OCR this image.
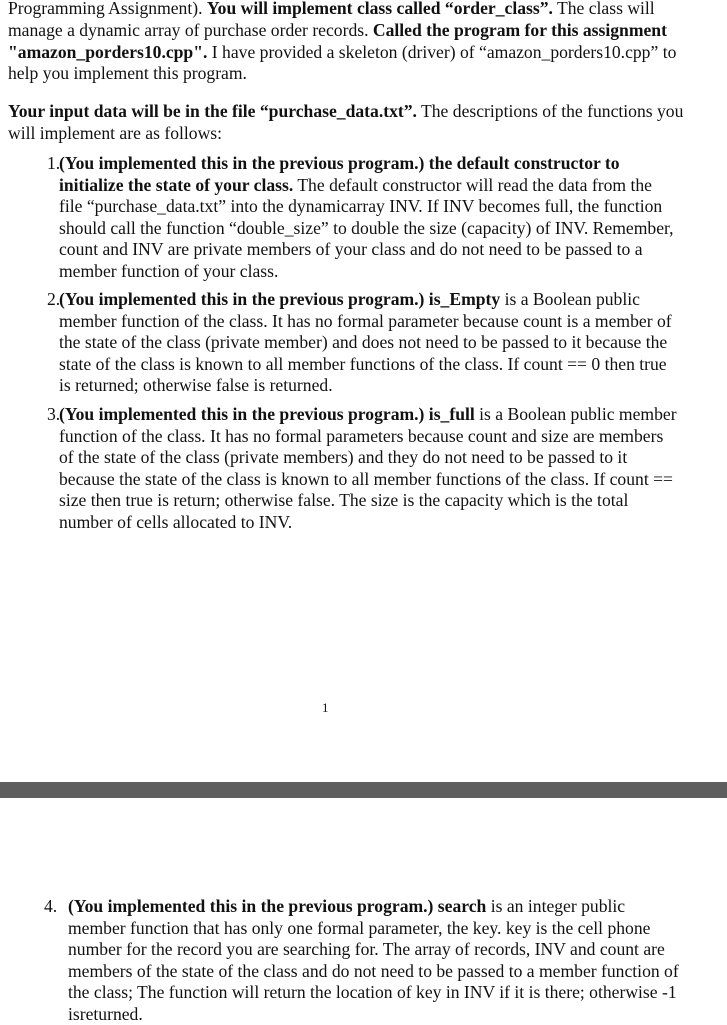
Programming Assignment). You will implement class called “order_class”. The class will manage a dynamic array of purchase order records. Called the program for this assignment "amazon_porders10.cpp". I have provided a skeleton (driver) of “amazon_porders10.cpp” to help you implement this program.

Your input data will be in the file “purchase_data.txt”. The descriptions of the functions you will implement are as follows:

1.
(You implemented this in the previous program.) the default constructor to initialize the state of your class. The default constructor will read the data from the file “purchase_data.txt” into the dynamicarray INV. If INV becomes full, the function should call the function “double_size” to double the size (capacity) of INV. Remember, count and INV are private members of your class and do not need to be passed to a member function of your class.
2.
(You implemented this in the previous program.) is_Empty is a Boolean public member function of the class. It has no formal parameter because count is a member of the state of the class (private member) and does not need to be passed to it because the state of the class is known to all member functions of the class. If count == 0 then true is returned; otherwise false is returned.
3.
(You implemented this in the previous program.) is_full is a Boolean public member function of the class. It has no formal parameters because count and size are members of the state of the class (private members) and they do not need to be passed to it because the state of the class is known to all member functions of the class. If count == size then true is return; otherwise false. The size is the capacity which is the total number of cells allocated to INV.
1
4. (You implemented this in the previous program.) search is an integer public member function that has only one formal parameter, the key. key is the cell phone number for the record you are searching for. The array of records, INV and count are members of the state of the class and do not need to be passed to a member function of the class; The function will return the location of key in INV if it is there; otherwise -1 isreturned.
